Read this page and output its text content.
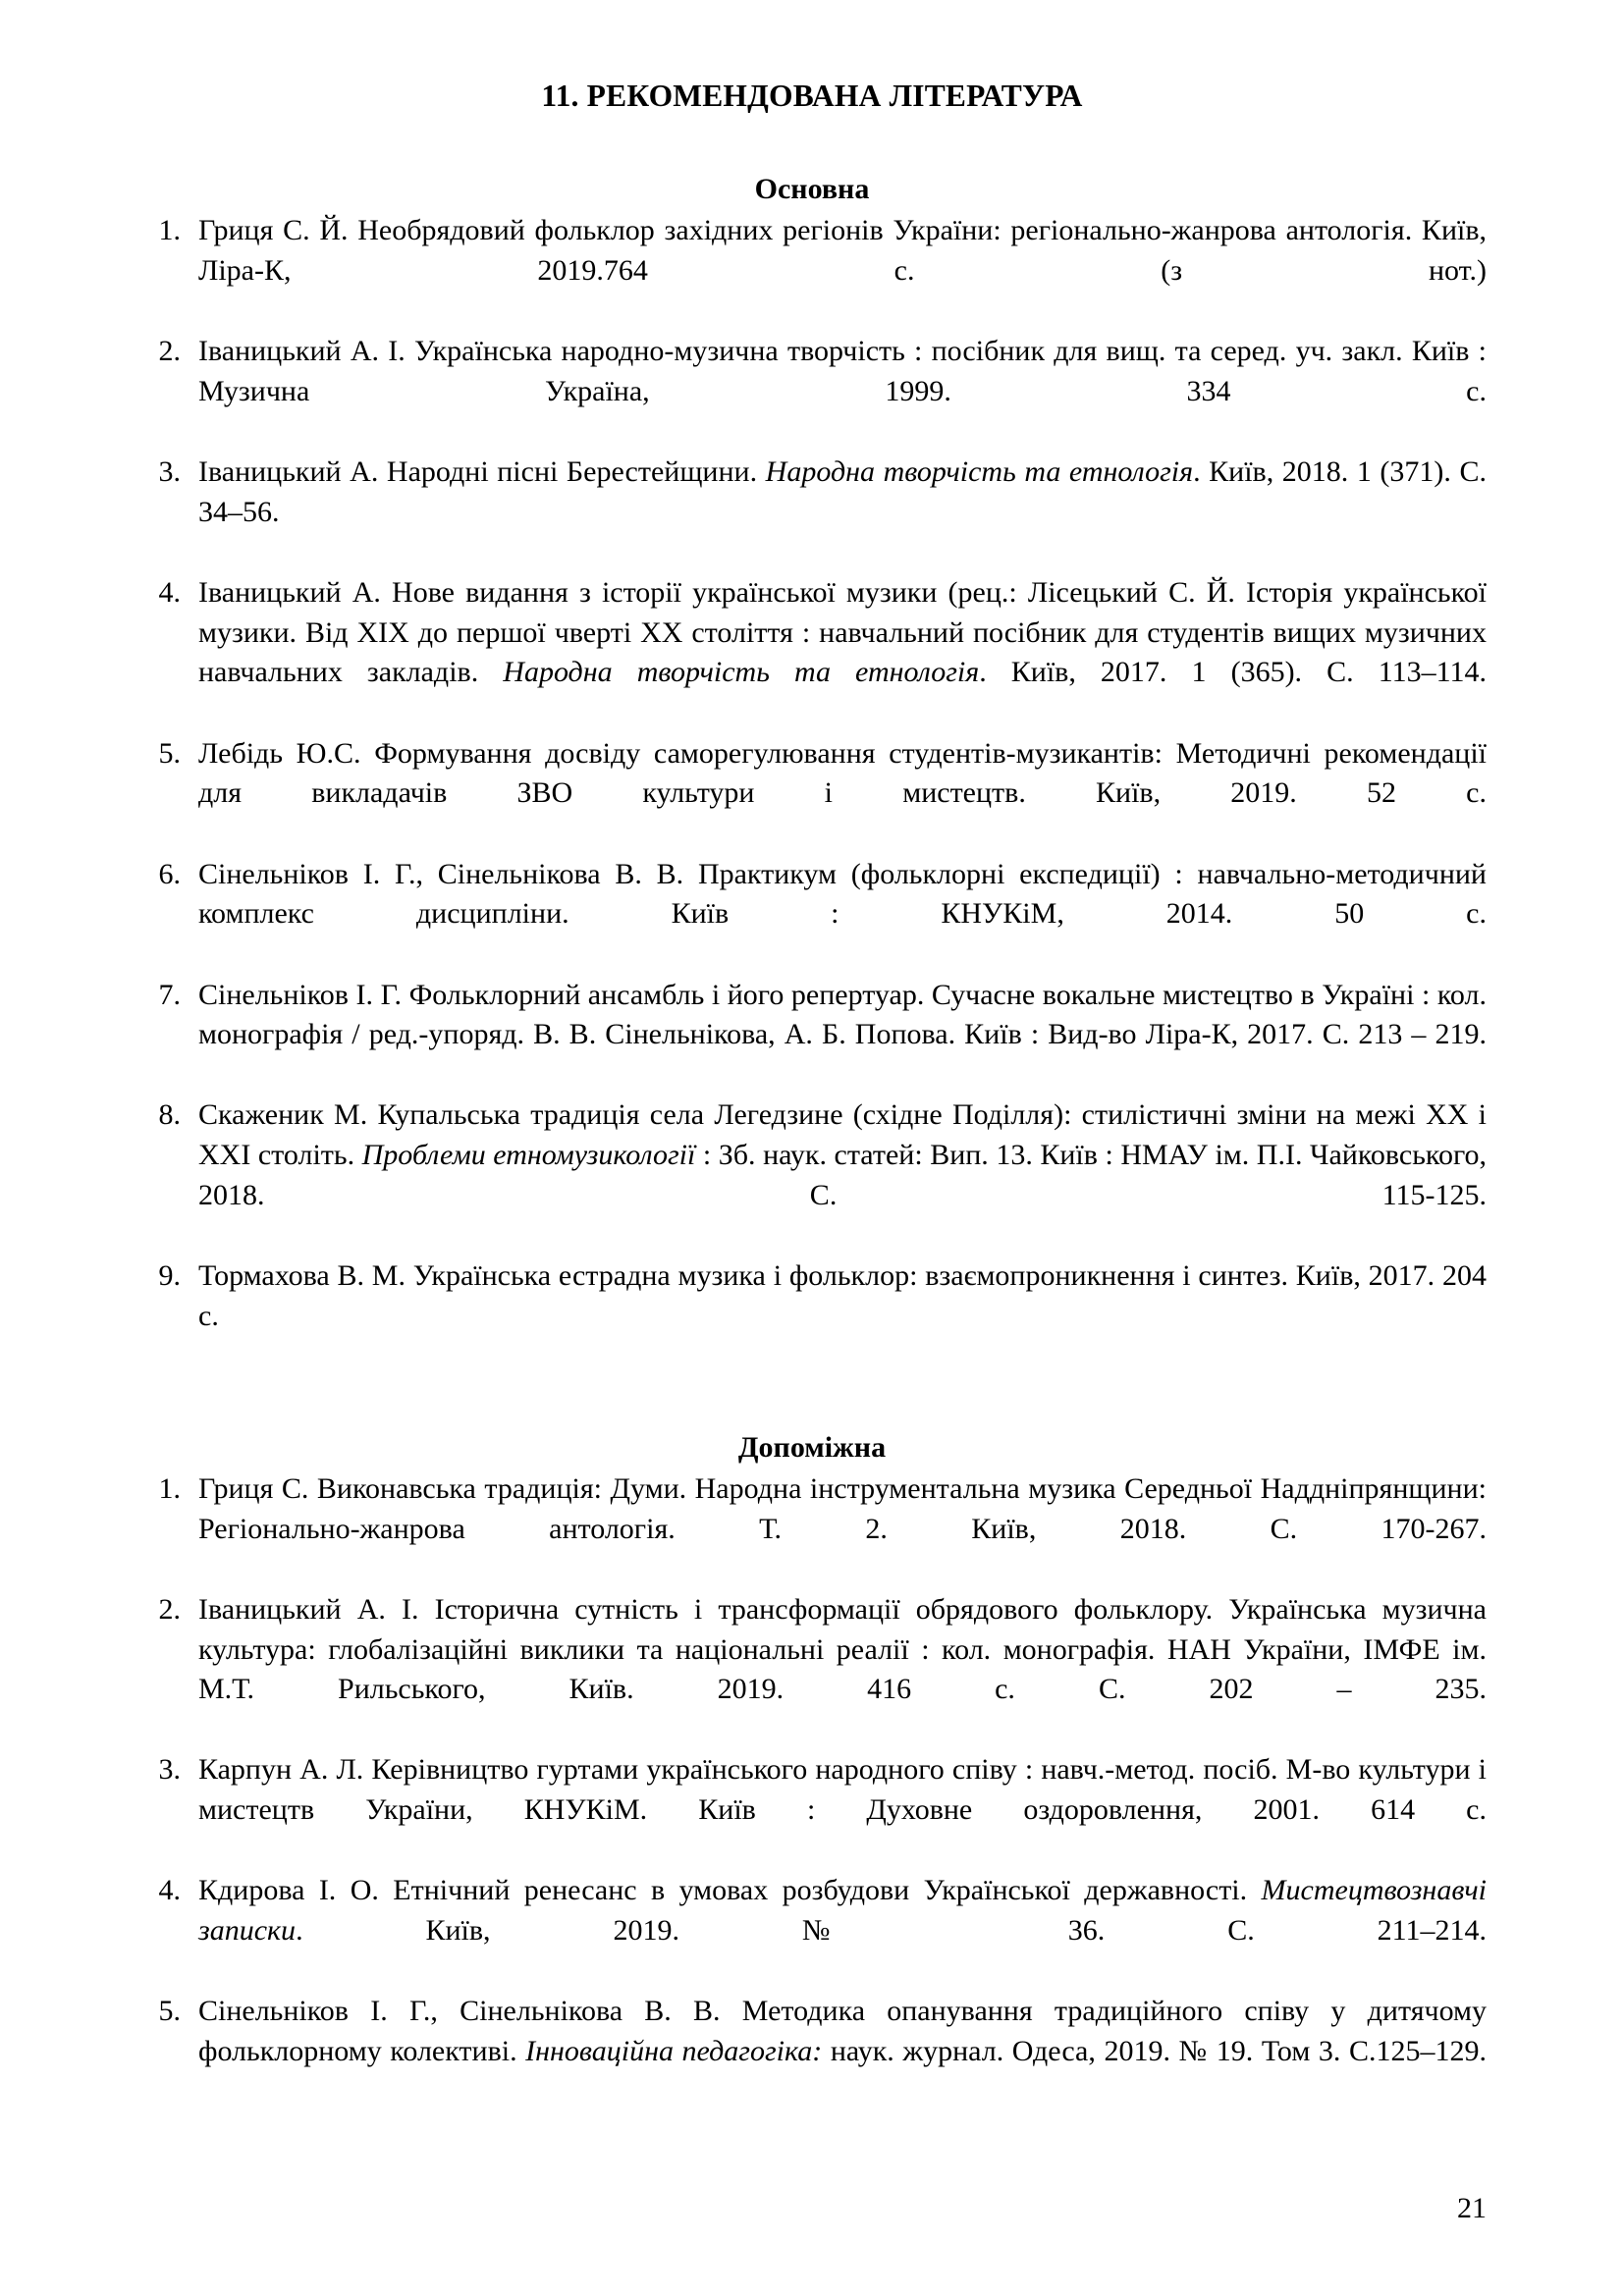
11. РЕКОМЕНДОВАНА ЛІТЕРАТУРА
Основна
1. Гриця С. Й. Необрядовий фольклор західних регіонів України: регіонально-жанрова антологія. Київ, Ліра-К, 2019.764 с. (з нот.)
2. Іваницький А. І. Українська народно-музична творчість : посібник для вищ. та серед. уч. закл. Київ : Музична Україна, 1999. 334 с.
3. Іваницький А. Народні пісні Берестейщини. Народна творчість та етнологія. Київ, 2018. 1 (371). С. 34–56.
4. Іваницький А. Нове видання з історії української музики (рец.: Лісецький С. Й. Історія української музики. Від ХІХ до першої чверті ХХ століття : навчальний посібник для студентів вищих музичних навчальних закладів. Народна творчість та етнологія. Київ, 2017. 1 (365). С. 113–114.
5. Лебідь Ю.С. Формування досвіду саморегулювання студентів-музикантів: Методичні рекомендації для викладачів ЗВО культури і мистецтв. Київ, 2019. 52 с.
6. Сінельніков І. Г., Сінельнікова В. В. Практикум (фольклорні експедиції) : навчально-методичний комплекс дисципліни. Київ : КНУКіМ, 2014. 50 с.
7. Сінельніков І. Г. Фольклорний ансамбль і його репертуар. Сучасне вокальне мистецтво в Україні : кол. монографія / ред.-упоряд. В. В. Сінельнікова, А. Б. Попова. Київ : Вид-во Ліра-К, 2017. С. 213 – 219.
8. Скаженик М. Купальська традиція села Легедзине (східне Поділля): стилістичні зміни на межі ХХ і ХХІ століть. Проблеми етномузикології : Зб. наук. статей: Вип. 13. Київ : НМАУ ім. П.І. Чайковського, 2018. С. 115-125.
9. Тормахова В. М. Українська естрадна музика і фольклор: взаємопроникнення і синтез. Київ, 2017. 204 с.
Допоміжна
1. Гриця С. Виконавська традиція: Думи. Народна інструментальна музика Середньої Наддніпрянщини: Регіонально-жанрова антологія. Т. 2. Київ, 2018. С. 170-267.
2. Іваницький А. І. Історична сутність і трансформації обрядового фольклору. Українська музична культура: глобалізаційні виклики та національні реалії : кол. монографія. НАН України, ІМФЕ ім. М.Т. Рильського, Київ. 2019. 416 с. С. 202 – 235.
3. Карпун А. Л. Керівництво гуртами українського народного співу : навч.-метод. посіб. М-во культури і мистецтв України, КНУКіМ. Київ : Духовне оздоровлення, 2001. 614 с.
4. Кдирова І. О. Етнічний ренесанс в умовах розбудови Української державності. Мистецтвознавчі записки. Київ, 2019. № 36. С. 211–214.
5. Сінельніков І. Г., Сінельнікова В. В. Методика опанування традиційного співу у дитячому фольклорному колективі. Інноваційна педагогіка: наук. журнал. Одеса, 2019. № 19. Том 3. С.125–129.
21
